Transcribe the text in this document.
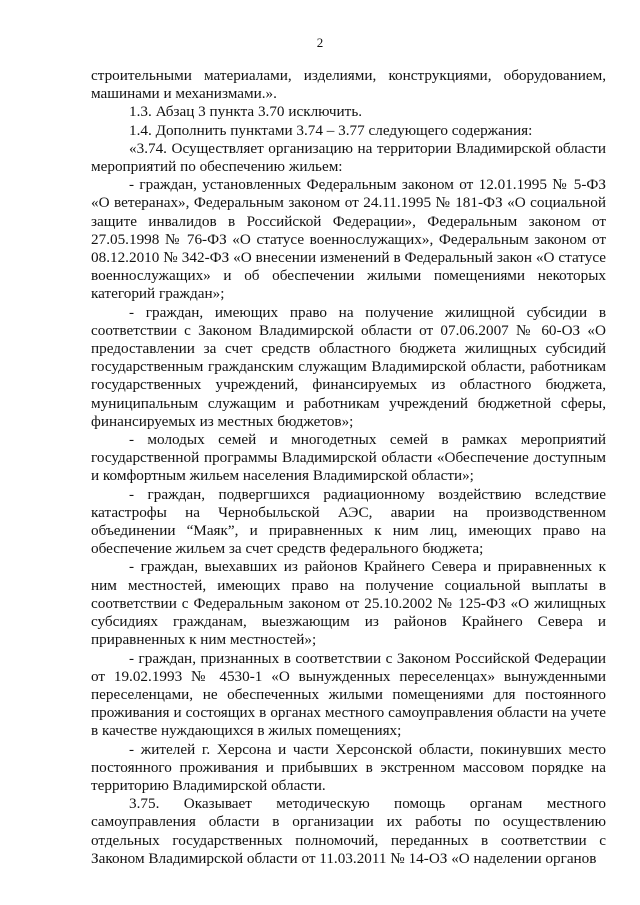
2

строительными материалами, изделиями, конструкциями, оборудованием, машинами и механизмами.».

1.3. Абзац 3 пункта 3.70 исключить.

1.4. Дополнить пунктами 3.74 – 3.77 следующего содержания:

«3.74. Осуществляет организацию на территории Владимирской области мероприятий по обеспечению жильем:

- граждан, установленных Федеральным законом от 12.01.1995 № 5-ФЗ «О ветеранах», Федеральным законом от 24.11.1995 № 181-ФЗ «О социальной защите инвалидов в Российской Федерации», Федеральным законом от 27.05.1998 № 76-ФЗ «О статусе военнослужащих», Федеральным законом от 08.12.2010 № 342-ФЗ «О внесении изменений в Федеральный закон «О статусе военнослужащих» и об обеспечении жилыми помещениями некоторых категорий граждан»;

- граждан, имеющих право на получение жилищной субсидии в соответствии с Законом Владимирской области от 07.06.2007 № 60-ОЗ «О предоставлении за счет средств областного бюджета жилищных субсидий государственным гражданским служащим Владимирской области, работникам государственных учреждений, финансируемых из областного бюджета, муниципальным служащим и работникам учреждений бюджетной сферы, финансируемых из местных бюджетов»;

- молодых семей и многодетных семей в рамках мероприятий государственной программы Владимирской области «Обеспечение доступным и комфортным жильем населения Владимирской области»;

- граждан, подвергшихся радиационному воздействию вследствие катастрофы на Чернобыльской АЭС, аварии на производственном объединении “Маяк”, и приравненных к ним лиц, имеющих право на обеспечение жильем за счет средств федерального бюджета;

- граждан, выехавших из районов Крайнего Севера и приравненных к ним местностей, имеющих право на получение социальной выплаты в соответствии с Федеральным законом от 25.10.2002 № 125-ФЗ «О жилищных субсидиях гражданам, выезжающим из районов Крайнего Севера и приравненных к ним местностей»;

- граждан, признанных в соответствии с Законом Российской Федерации от 19.02.1993 № 4530-1 «О вынужденных переселенцах» вынужденными переселенцами, не обеспеченных жилыми помещениями для постоянного проживания и состоящих в органах местного самоуправления области на учете в качестве нуждающихся в жилых помещениях;

- жителей г. Херсона и части Херсонской области, покинувших место постоянного проживания и прибывших в экстренном массовом порядке на территорию Владимирской области.

3.75. Оказывает методическую помощь органам местного самоуправления области в организации их работы по осуществлению отдельных государственных полномочий, переданных в соответствии с Законом Владимирской области от 11.03.2011 № 14-ОЗ «О наделении органов
